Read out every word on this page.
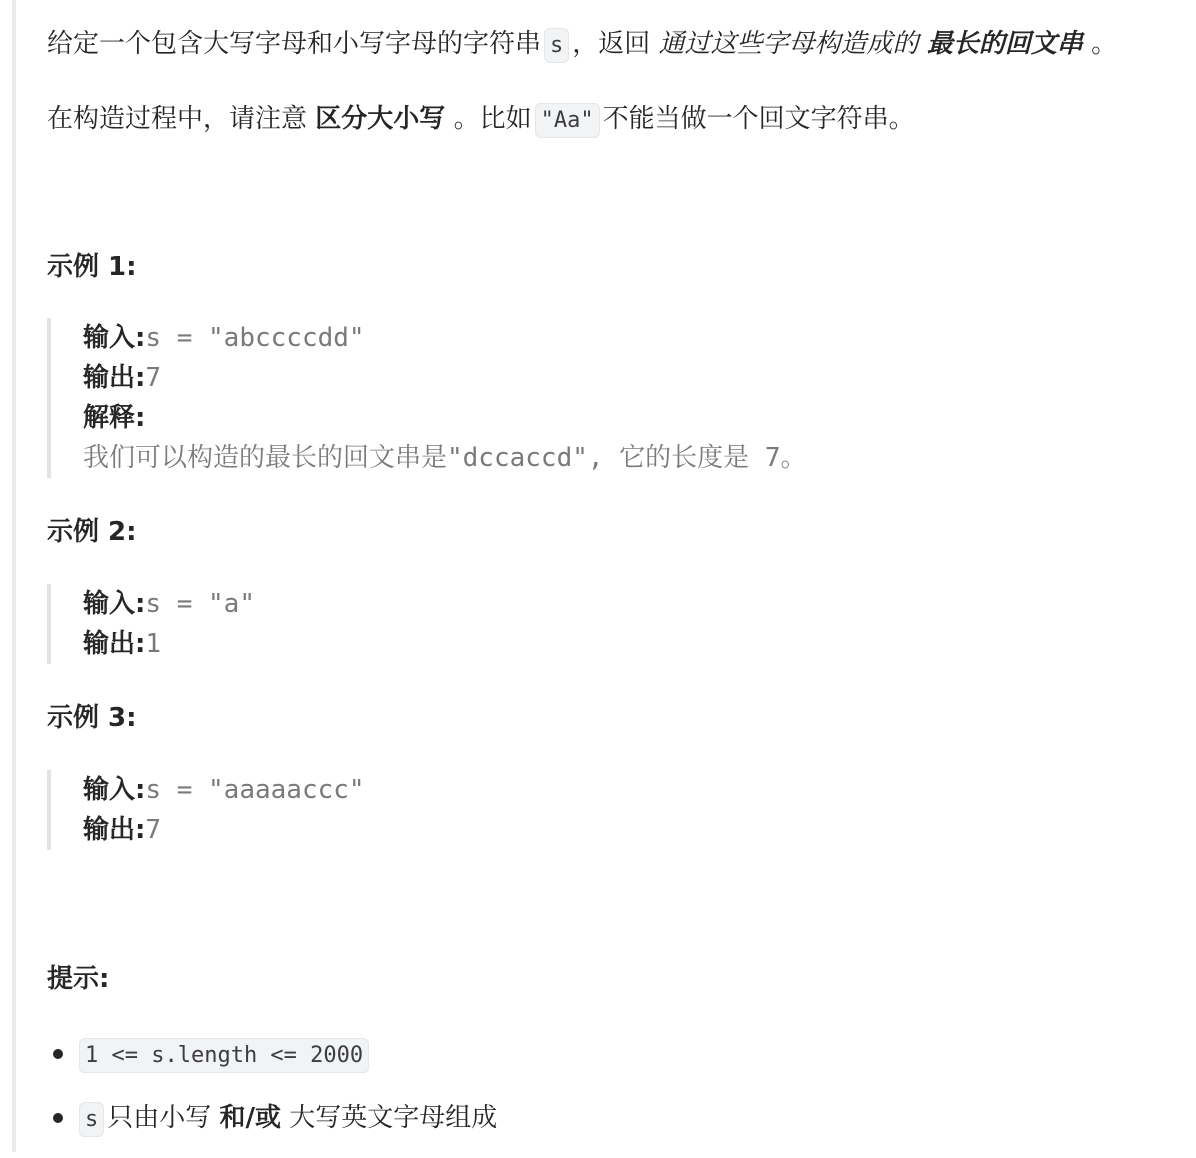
给定一个包含大写字母和小写字母的字符串 s ，返回 通过这些字母构造成的 最长的回文串 。
在构造过程中，请注意 区分大小写 。比如 "Aa" 不能当做一个回文字符串。
示例 1:
输入:s = "abccccdd"
输出:7
解释:
我们可以构造的最长的回文串是"dccaccd", 它的长度是 7。
示例 2:
输入:s = "a"
输出:1
示例 3:
输入:s = "aaaaaccc"
输出:7
提示:
1 <= s.length <= 2000
s 只由小写 和/或 大写英文字母组成
